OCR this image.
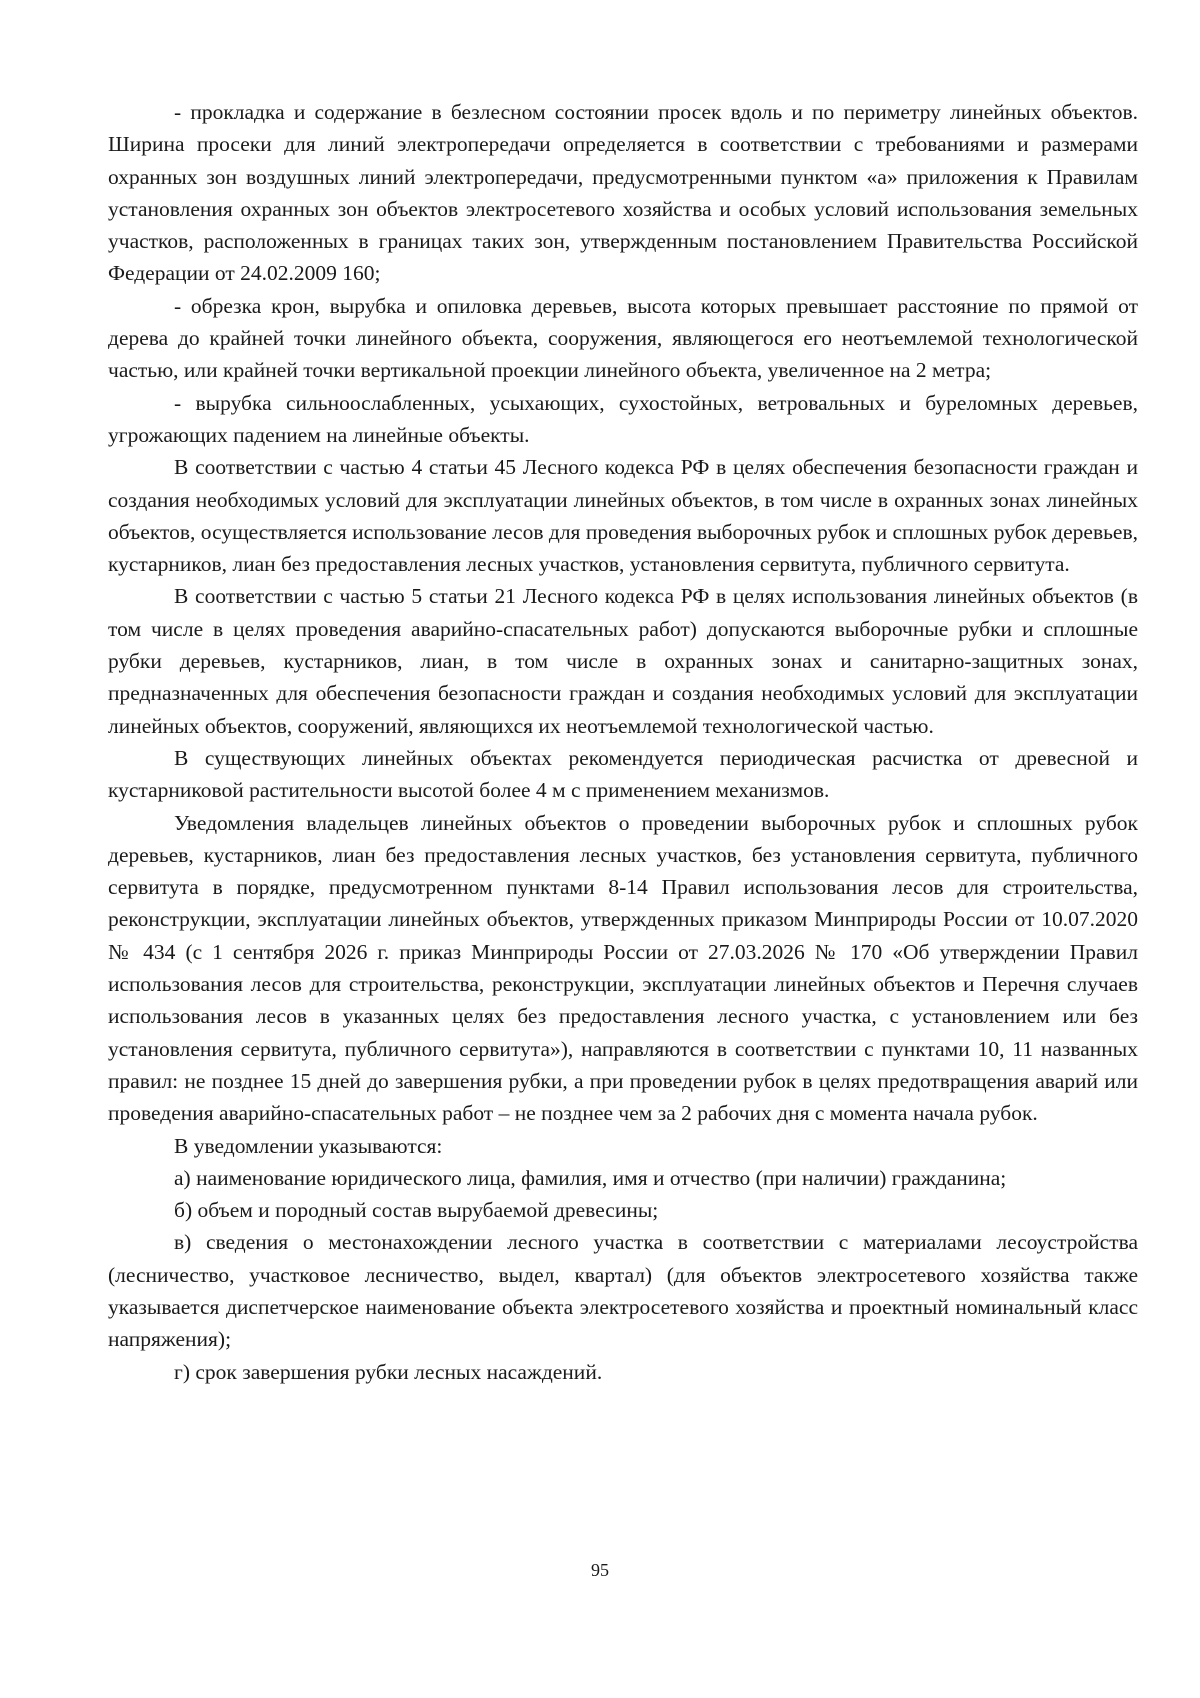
- прокладка и содержание в безлесном состоянии просек вдоль и по периметру линейных объектов. Ширина просеки для линий электропередачи определяется в соответствии с требованиями и размерами охранных зон воздушных линий электропередачи, предусмотренными пунктом «а» приложения к Правилам установления охранных зон объектов электросетевого хозяйства и особых условий использования земельных участков, расположенных в границах таких зон, утвержденным постановлением Правительства Российской Федерации от 24.02.2009 160;

- обрезка крон, вырубка и опиловка деревьев, высота которых превышает расстояние по прямой от дерева до крайней точки линейного объекта, сооружения, являющегося его неотъемлемой технологической частью, или крайней точки вертикальной проекции линейного объекта, увеличенное на 2 метра;

- вырубка сильноослабленных, усыхающих, сухостойных, ветровальных и буреломных деревьев, угрожающих падением на линейные объекты.

В соответствии с частью 4 статьи 45 Лесного кодекса РФ в целях обеспечения безопасности граждан и создания необходимых условий для эксплуатации линейных объектов, в том числе в охранных зонах линейных объектов, осуществляется использование лесов для проведения выборочных рубок и сплошных рубок деревьев, кустарников, лиан без предоставления лесных участков, установления сервитута, публичного сервитута.

В соответствии с частью 5 статьи 21 Лесного кодекса РФ в целях использования линейных объектов (в том числе в целях проведения аварийно-спасательных работ) допускаются выборочные рубки и сплошные рубки деревьев, кустарников, лиан, в том числе в охранных зонах и санитарно-защитных зонах, предназначенных для обеспечения безопасности граждан и создания необходимых условий для эксплуатации линейных объектов, сооружений, являющихся их неотъемлемой технологической частью.

В существующих линейных объектах рекомендуется периодическая расчистка от древесной и кустарниковой растительности высотой более 4 м с применением механизмов.

Уведомления владельцев линейных объектов о проведении выборочных рубок и сплошных рубок деревьев, кустарников, лиан без предоставления лесных участков, без установления сервитута, публичного сервитута в порядке, предусмотренном пунктами 8-14 Правил использования лесов для строительства, реконструкции, эксплуатации линейных объектов, утвержденных приказом Минприроды России от 10.07.2020 № 434 (с 1 сентября 2026 г. приказ Минприроды России от 27.03.2026 № 170 «Об утверждении Правил использования лесов для строительства, реконструкции, эксплуатации линейных объектов и Перечня случаев использования лесов в указанных целях без предоставления лесного участка, с установлением или без установления сервитута, публичного сервитута»), направляются в соответствии с пунктами 10, 11 названных правил: не позднее 15 дней до завершения рубки, а при проведении рубок в целях предотвращения аварий или проведения аварийно-спасательных работ – не позднее чем за 2 рабочих дня с момента начала рубок.

В уведомлении указываются:

а) наименование юридического лица, фамилия, имя и отчество (при наличии) гражданина;

б) объем и породный состав вырубаемой древесины;

в) сведения о местонахождении лесного участка в соответствии с материалами лесоустройства (лесничество, участковое лесничество, выдел, квартал) (для объектов электросетевого хозяйства также указывается диспетчерское наименование объекта электросетевого хозяйства и проектный номинальный класс напряжения);

г) срок завершения рубки лесных насаждений.

95
